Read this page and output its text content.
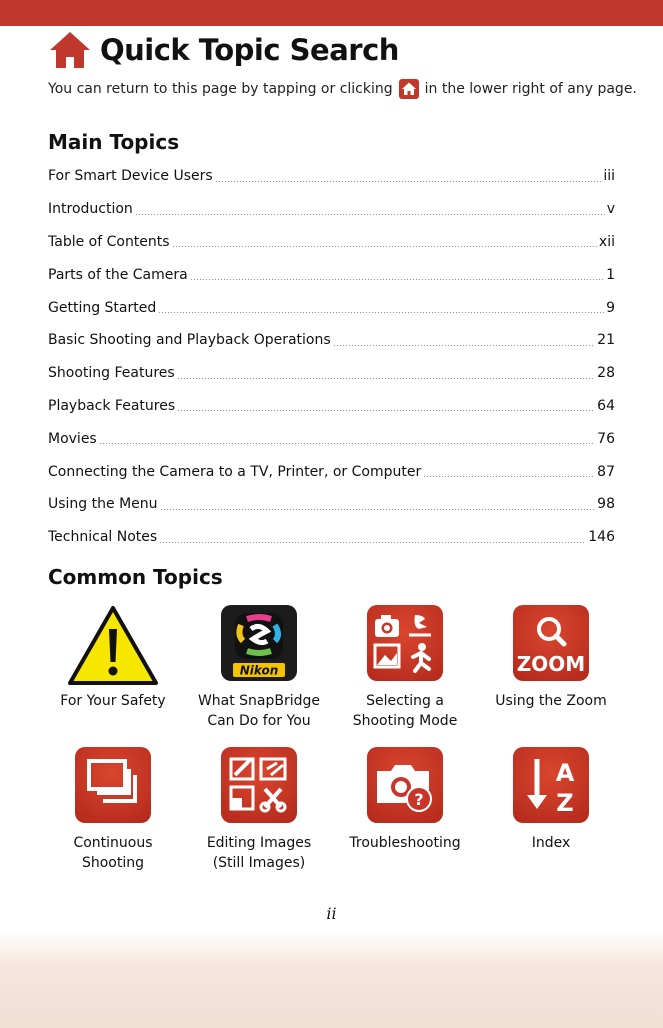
Quick Topic Search
You can return to this page by tapping or clicking in the lower right of any page.
Main Topics
For Smart Device Users	iii
Introduction	v
Table of Contents	xii
Parts of the Camera	1
Getting Started	9
Basic Shooting and Playback Operations	21
Shooting Features	28
Playback Features	64
Movies	76
Connecting the Camera to a TV, Printer, or Computer	87
Using the Menu	98
Technical Notes	146
Common Topics
For Your Safety
Nikon
What SnapBridge
Can Do for You
Selecting a
Shooting Mode
ZOOM
Using the Zoom
Continuous
Shooting
Editing Images
(Still Images)
?
Troubleshooting
A
Z
Index
ii
